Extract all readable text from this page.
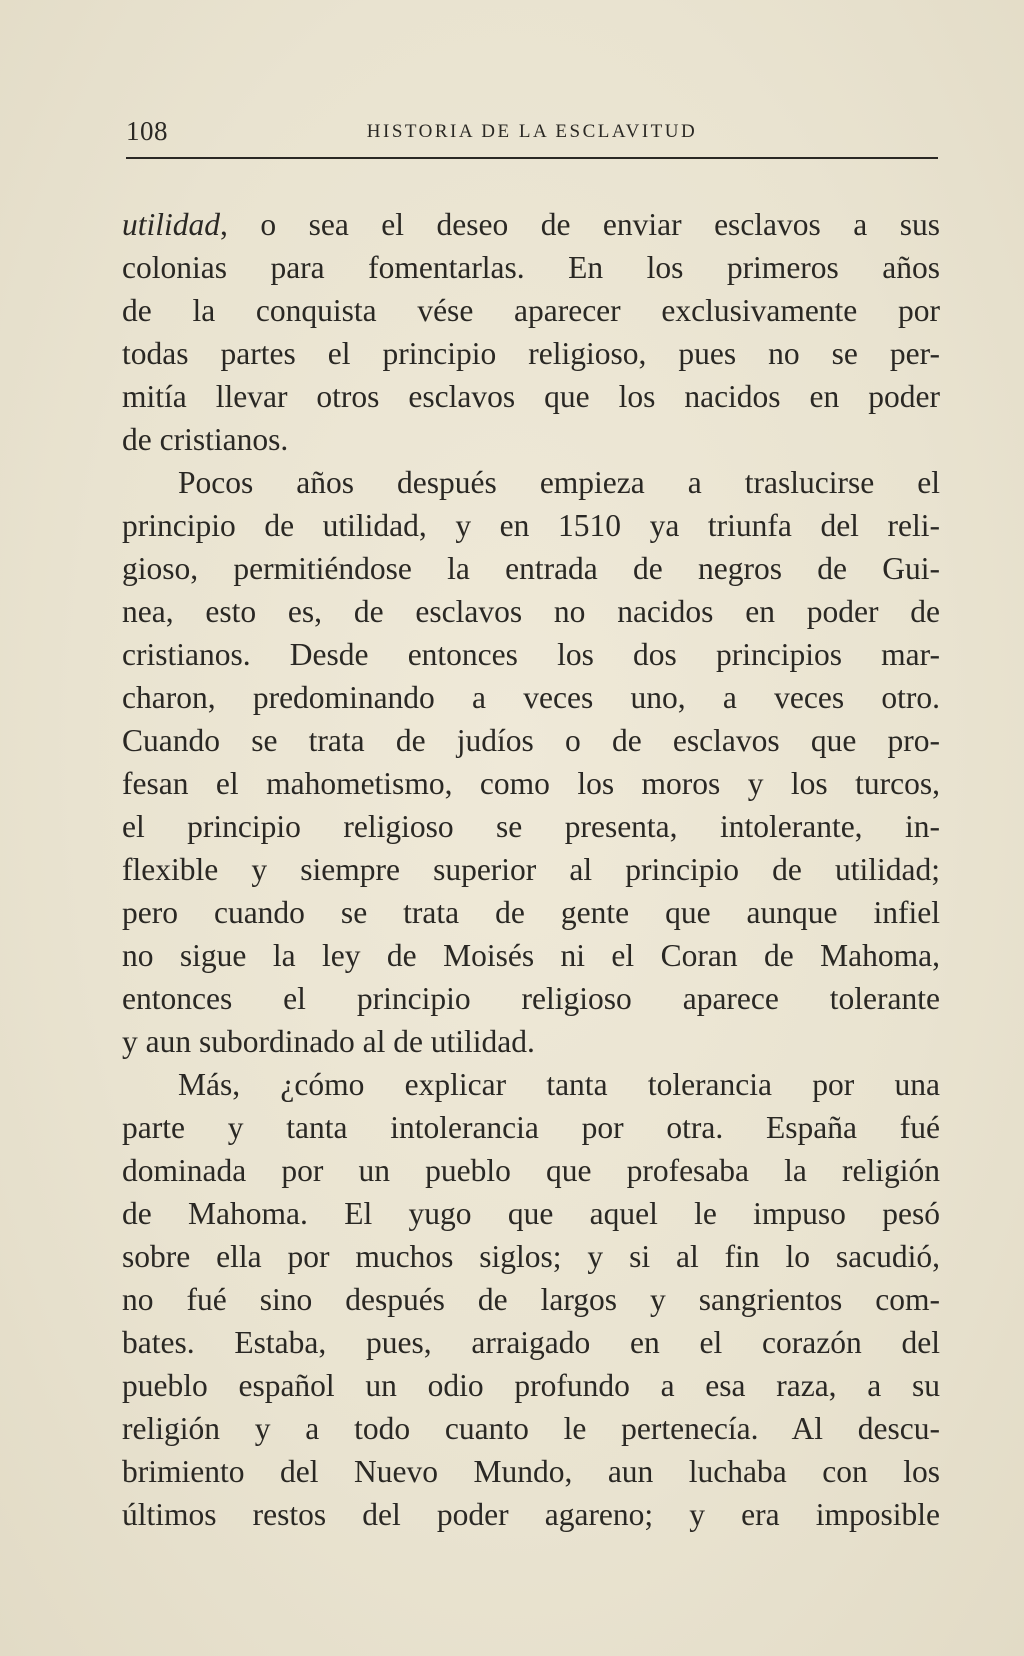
108	HISTORIA DE LA ESCLAVITUD
utilidad, o sea el deseo de enviar esclavos a sus
colonias para fomentarlas. En los primeros años
de la conquista vése aparecer exclusivamente por
todas partes el principio religioso, pues no se per-
mitía llevar otros esclavos que los nacidos en poder
de cristianos.
Pocos años después empieza a traslucirse el
principio de utilidad, y en 1510 ya triunfa del reli-
gioso, permitiéndose la entrada de negros de Gui-
nea, esto es, de esclavos no nacidos en poder de
cristianos. Desde entonces los dos principios mar-
charon, predominando a veces uno, a veces otro.
Cuando se trata de judíos o de esclavos que pro-
fesan el mahometismo, como los moros y los turcos,
el principio religioso se presenta, intolerante, in-
flexible y siempre superior al principio de utilidad;
pero cuando se trata de gente que aunque infiel
no sigue la ley de Moisés ni el Coran de Mahoma,
entonces el principio religioso aparece tolerante
y aun subordinado al de utilidad.
Más, ¿cómo explicar tanta tolerancia por una
parte y tanta intolerancia por otra. España fué
dominada por un pueblo que profesaba la religión
de Mahoma. El yugo que aquel le impuso pesó
sobre ella por muchos siglos; y si al fin lo sacudió,
no fué sino después de largos y sangrientos com-
bates. Estaba, pues, arraigado en el corazón del
pueblo español un odio profundo a esa raza, a su
religión y a todo cuanto le pertenecía. Al descu-
brimiento del Nuevo Mundo, aun luchaba con los
últimos restos del poder agareno; y era imposible
